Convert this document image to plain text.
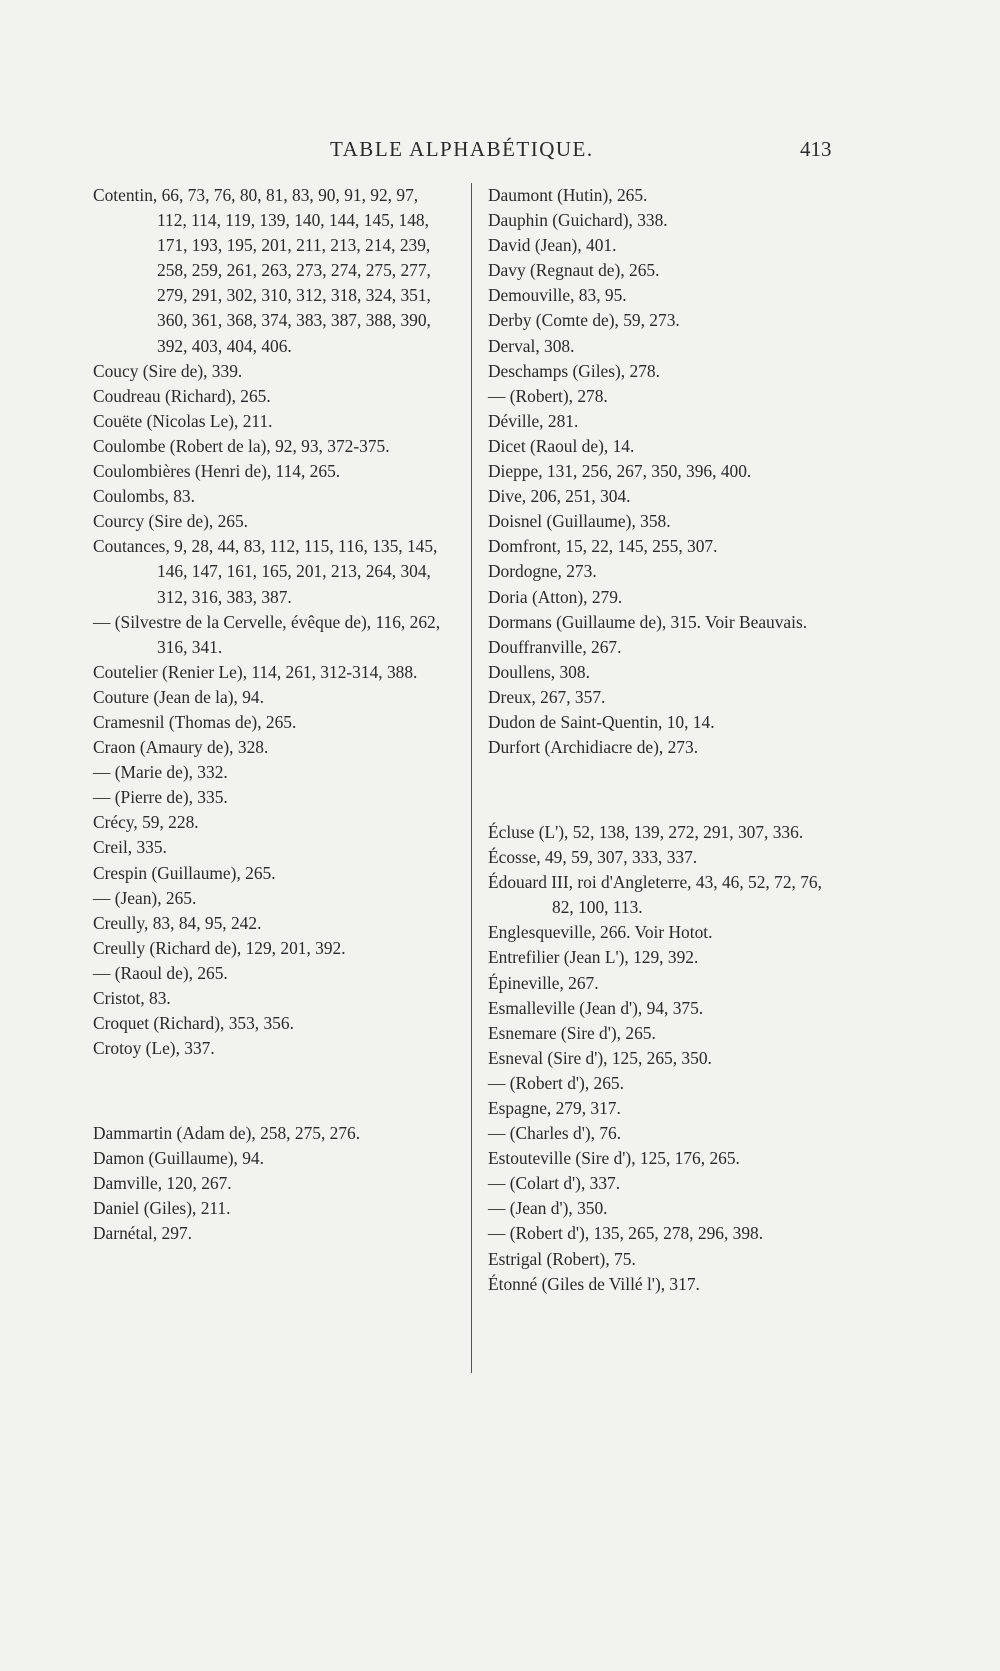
TABLE ALPHABÉTIQUE.	413

Cotentin, 66, 73, 76, 80, 81, 83, 90, 91, 92, 97, 112, 114, 119, 139, 140, 144, 145, 148, 171, 193, 195, 201, 211, 213, 214, 239, 258, 259, 261, 263, 273, 274, 275, 277, 279, 291, 302, 310, 312, 318, 324, 351, 360, 361, 368, 374, 383, 387, 388, 390, 392, 403, 404, 406.

Coucy (Sire de), 339.

Coudreau (Richard), 265.

Couëte (Nicolas Le), 211.

Coulombe (Robert de la), 92, 93, 372-375.

Coulombières (Henri de), 114, 265.

Coulombs, 83.

Courcy (Sire de), 265.

Coutances, 9, 28, 44, 83, 112, 115, 116, 135, 145, 146, 147, 161, 165, 201, 213, 264, 304, 312, 316, 383, 387.

— (Silvestre de la Cervelle, évêque de), 116, 262, 316, 341.

Coutelier (Renier Le), 114, 261, 312-314, 388.

Couture (Jean de la), 94.

Cramesnil (Thomas de), 265.

Craon (Amaury de), 328.

— (Marie de), 332.

— (Pierre de), 335.

Crécy, 59, 228.

Creil, 335.

Crespin (Guillaume), 265.

— (Jean), 265.

Creully, 83, 84, 95, 242.

Creully (Richard de), 129, 201, 392.

— (Raoul de), 265.

Cristot, 83.

Croquet (Richard), 353, 356.

Crotoy (Le), 337.

Dammartin (Adam de), 258, 275, 276.

Damon (Guillaume), 94.

Damville, 120, 267.

Daniel (Giles), 211.

Darnétal, 297.

Daumont (Hutin), 265.

Dauphin (Guichard), 338.

David (Jean), 401.

Davy (Regnaut de), 265.

Demouville, 83, 95.

Derby (Comte de), 59, 273.

Derval, 308.

Deschamps (Giles), 278.

— (Robert), 278.

Déville, 281.

Dicet (Raoul de), 14.

Dieppe, 131, 256, 267, 350, 396, 400.

Dive, 206, 251, 304.

Doisnel (Guillaume), 358.

Domfront, 15, 22, 145, 255, 307.

Dordogne, 273.

Doria (Atton), 279.

Dormans (Guillaume de), 315. Voir Beauvais.

Douffranville, 267.

Doullens, 308.

Dreux, 267, 357.

Dudon de Saint-Quentin, 10, 14.

Durfort (Archidiacre de), 273.

Écluse (L'), 52, 138, 139, 272, 291, 307, 336.

Écosse, 49, 59, 307, 333, 337.

Édouard III, roi d'Angleterre, 43, 46, 52, 72, 76, 82, 100, 113.

Englesqueville, 266. Voir Hotot.

Entrefilier (Jean L'), 129, 392.

Épineville, 267.

Esmalleville (Jean d'), 94, 375.

Esnemare (Sire d'), 265.

Esneval (Sire d'), 125, 265, 350.

— (Robert d'), 265.

Espagne, 279, 317.

— (Charles d'), 76.

Estouteville (Sire d'), 125, 176, 265.

— (Colart d'), 337.

— (Jean d'), 350.

— (Robert d'), 135, 265, 278, 296, 398.

Estrigal (Robert), 75.

Étonné (Giles de Villé l'), 317.
